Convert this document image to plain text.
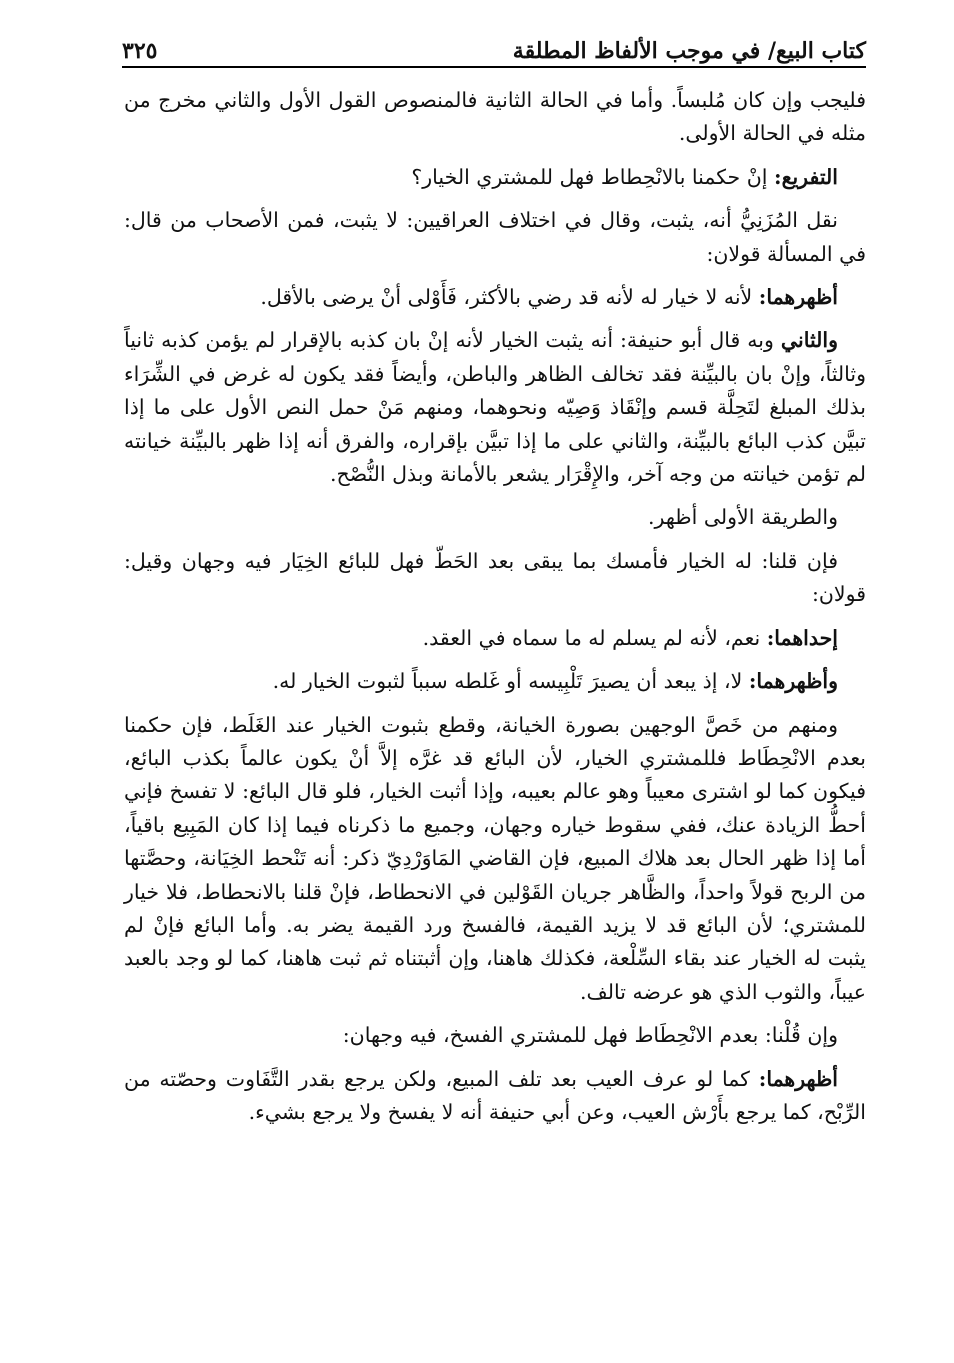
كتاب البيع/ في موجب الألفاظ المطلقة
٣٢٥

فليجب وإن كان مُلبساً. وأما في الحالة الثانية فالمنصوص القول الأول والثاني مخرج من مثله في الحالة الأولى.

التفريع: إنْ حكمنا بالانْحِطاط فهل للمشتري الخيار؟

نقل المُزَنِيُّ أنه، يثبت، وقال في اختلاف العراقيين: لا يثبت، فمن الأصحاب من قال: في المسألة قولان:

أظهرهما: لأنه لا خيار له لأنه قد رضي بالأكثر، فَأَوْلى أنْ يرضى بالأقل.

والثاني وبه قال أبو حنيفة: أنه يثبت الخيار لأنه إنْ بان كذبه بالإقرار لم يؤمن كذبه ثانياً وثالثاً، وإنْ بان بالبيِّنة فقد تخالف الظاهر والباطن، وأيضاً فقد يكون له غرض في الشِّرَاء بذلك المبلغ لتَحِلَّة قسم وإنْقَاذ وَصِيّه ونحوهما، ومنهم مَنْ حمل النص الأول على ما إذا تبيَّن كذب البائع بالبيِّنة، والثاني على ما إذا تبيَّن بإقراره، والفرق أنه إذا ظهر بالبيِّنة خيانته لم تؤمن خيانته من وجه آخر، والإِقْرَار يشعر بالأمانة وبذل النُّصْح.

والطريقة الأولى أظهر.

فإن قلنا: له الخيار فأمسك بما يبقى بعد الحَطّ فهل للبائع الخِيَار فيه وجهان وقيل: قولان:

إحداهما: نعم، لأنه لم يسلم له ما سماه في العقد.

وأظهرهما: لا، إذ يبعد أن يصيرَ تَلْبِيسه أو غَلطه سبباً لثبوت الخيار له.

ومنهم من خَصَّ الوجهين بصورة الخيانة، وقطع بثبوت الخيار عند الغَلَط، فإن حكمنا بعدم الانْحِطَاط فللمشتري الخيار، لأن البائع قد غرَّه إلاَّ أنْ يكون عالماً بكذب البائع، فيكون كما لو اشترى معيباً وهو عالم بعيبه، وإذا أثبت الخيار، فلو قال البائع: لا تفسخ فإني أحطُّ الزيادة عنك، ففي سقوط خياره وجهان، وجميع ما ذكرناه فيما إذا كان المَبِيع باقياً، أما إذا ظهر الحال بعد هلاك المبيع، فإن القاضي المَاوَرْدِيّ ذكر: أنه تَنْحط الخِيَانة، وحصَّتها من الربح قولاً واحداً، والظَّاهر جريان القَوْلين في الانحطاط، فإنْ قلنا بالانحطاط، فلا خيار للمشتري؛ لأن البائع قد لا يزيد القيمة، فالفسخ ورد القيمة يضر به. وأما البائع فإنْ لم يثبت له الخيار عند بقاء السِّلْعة، فكذلك هاهنا، وإن أثبتناه ثم ثبت هاهنا، كما لو وجد بالعبد عيباً، والثوب الذي هو عرضه تالف.

وإن قُلْنا: بعدم الانْحِطَاط فهل للمشتري الفسخ، فيه وجهان:

أظهرهما: كما لو عرف العيب بعد تلف المبيع، ولكن يرجع بقدر التَّفَاوت وحصّته من الرِّبْح، كما يرجع بأَرْش العيب، وعن أبي حنيفة أنه لا يفسخ ولا يرجع بشيء.
